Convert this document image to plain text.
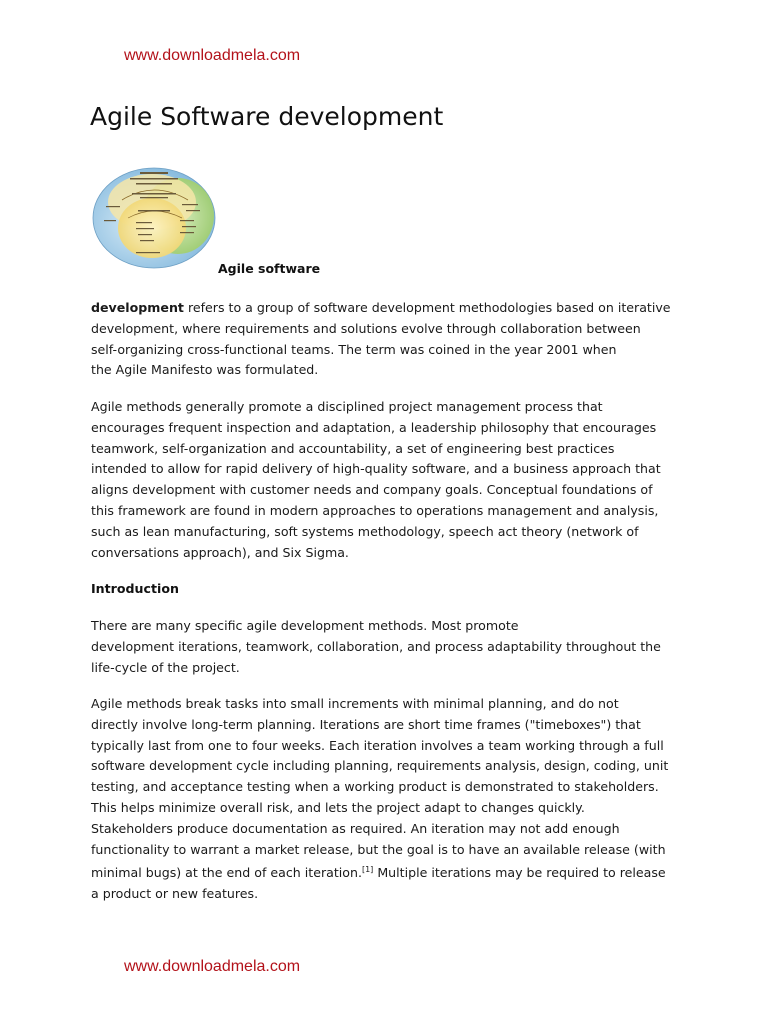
www.downloadmela.com
Agile Software development
Agile software
development refers to a group of software development methodologies based on iterative
development, where requirements and solutions evolve through collaboration between
self-organizing cross-functional teams. The term was coined in the year 2001 when
the Agile Manifesto was formulated.
Agile methods generally promote a disciplined project management process that
encourages frequent inspection and adaptation, a leadership philosophy that encourages
teamwork, self-organization and accountability, a set of engineering best practices
intended to allow for rapid delivery of high-quality software, and a business approach that
aligns development with customer needs and company goals. Conceptual foundations of
this framework are found in modern approaches to operations management and analysis,
such as lean manufacturing, soft systems methodology, speech act theory (network of
conversations approach), and Six Sigma.
Introduction
There are many specific agile development methods. Most promote
development iterations, teamwork, collaboration, and process adaptability throughout the
life-cycle of the project.
Agile methods break tasks into small increments with minimal planning, and do not
directly involve long-term planning. Iterations are short time frames ("timeboxes") that
typically last from one to four weeks. Each iteration involves a team working through a full
software development cycle including planning, requirements analysis, design, coding, unit
testing, and acceptance testing when a working product is demonstrated to stakeholders.
This helps minimize overall risk, and lets the project adapt to changes quickly.
Stakeholders produce documentation as required. An iteration may not add enough
functionality to warrant a market release, but the goal is to have an available release (with
minimal bugs) at the end of each iteration.[1] Multiple iterations may be required to release
a product or new features.
www.downloadmela.com
